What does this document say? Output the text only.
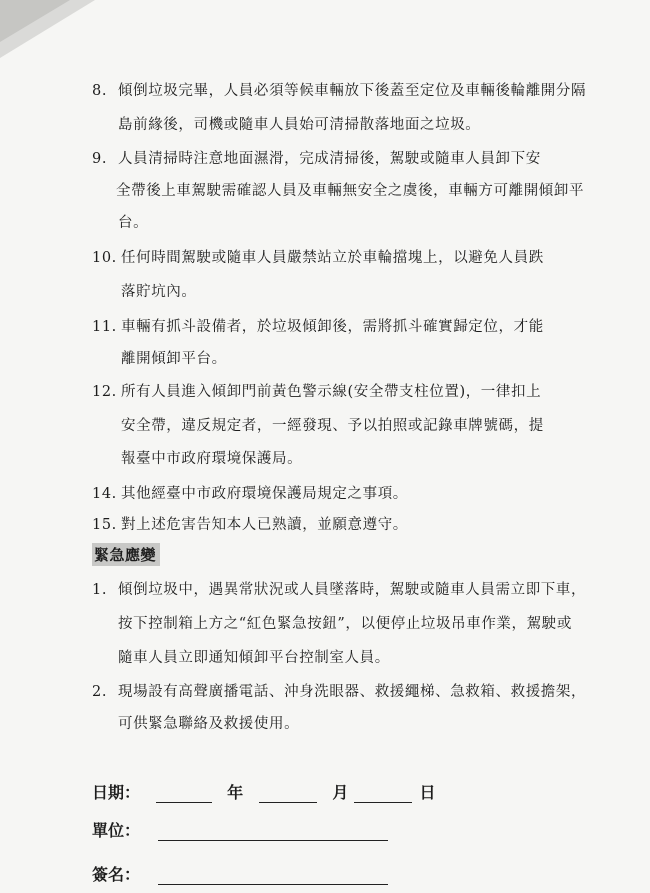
8. 傾倒垃圾完畢，人員必須等候車輛放下後蓋至定位及車輛後輪離開分隔
島前緣後，司機或隨車人員始可清掃散落地面之垃圾。
9. 人員清掃時注意地面濕滑，完成清掃後，駕駛或隨車人員卸下安
全帶後上車駕駛需確認人員及車輛無安全之虞後，車輛方可離開傾卸平
台。
10. 任何時間駕駛或隨車人員嚴禁站立於車輪擋塊上，以避免人員跌
落貯坑內。
11. 車輛有抓斗設備者，於垃圾傾卸後，需將抓斗確實歸定位，才能
離開傾卸平台。
12. 所有人員進入傾卸門前黃色警示線(安全帶支柱位置)，一律扣上
安全帶，違反規定者，一經發現、予以拍照或記錄車牌號碼，提
報臺中市政府環境保護局。
14. 其他經臺中市政府環境保護局規定之事項。
15. 對上述危害告知本人已熟讀，並願意遵守。
緊急應變
1. 傾倒垃圾中，遇異常狀況或人員墜落時，駕駛或隨車人員需立即下車，
按下控制箱上方之“紅色緊急按鈕”，以便停止垃圾吊車作業，駕駛或
隨車人員立即通知傾卸平台控制室人員。
2. 現場設有高聲廣播電話、沖身洗眼器、救援繩梯、急救箱、救援擔架，
可供緊急聯絡及救援使用。
日期：	年	月	日
單位：
簽名：
